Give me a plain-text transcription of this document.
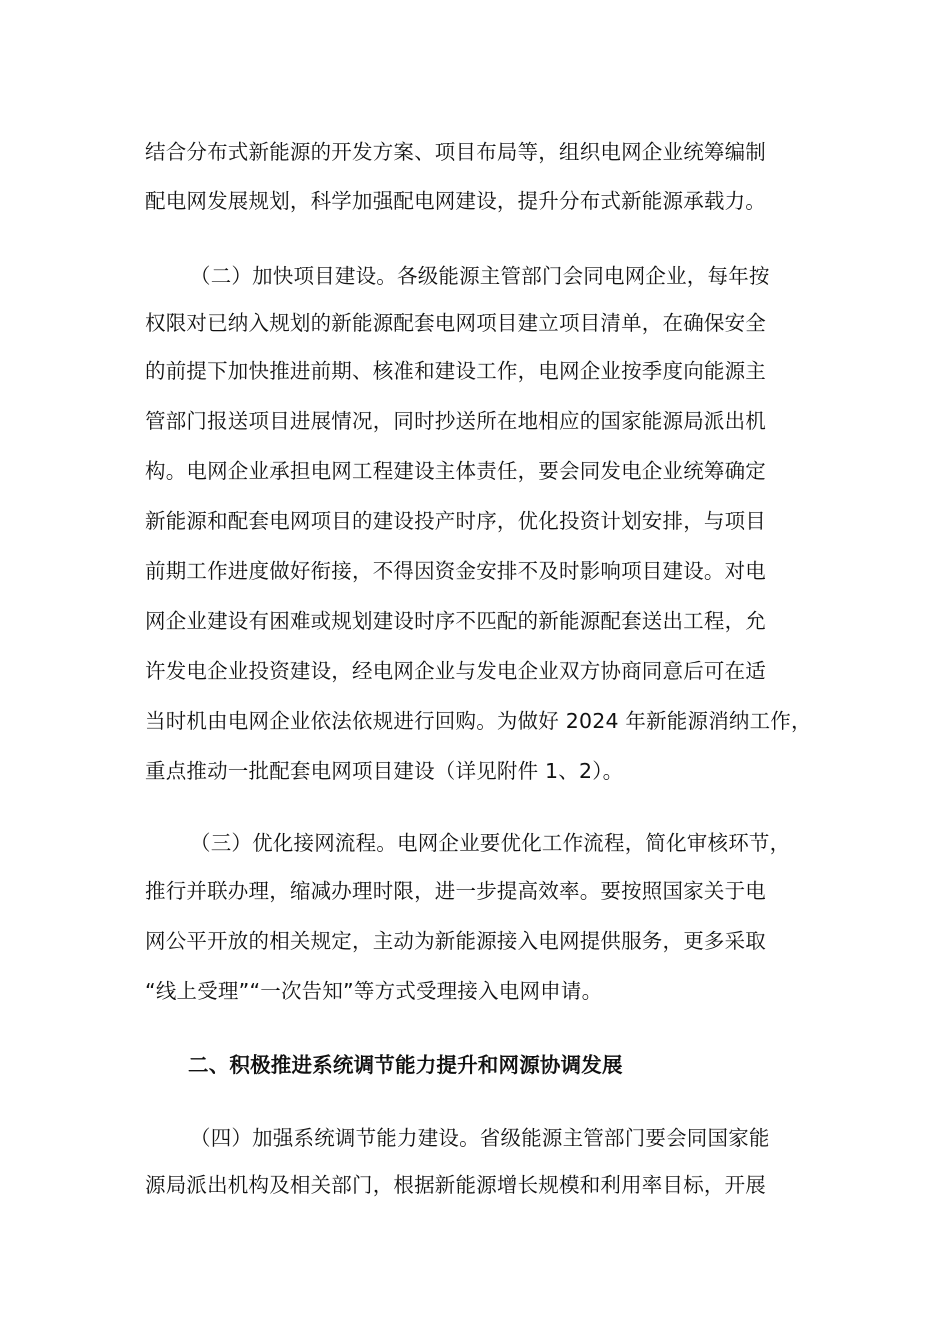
结合分布式新能源的开发方案、项目布局等，组织电网企业统筹编制
配电网发展规划，科学加强配电网建设，提升分布式新能源承载力。
（二）加快项目建设。各级能源主管部门会同电网企业，每年按
权限对已纳入规划的新能源配套电网项目建立项目清单，在确保安全
的前提下加快推进前期、核准和建设工作，电网企业按季度向能源主
管部门报送项目进展情况，同时抄送所在地相应的国家能源局派出机
构。电网企业承担电网工程建设主体责任，要会同发电企业统筹确定
新能源和配套电网项目的建设投产时序，优化投资计划安排，与项目
前期工作进度做好衔接，不得因资金安排不及时影响项目建设。对电
网企业建设有困难或规划建设时序不匹配的新能源配套送出工程，允
许发电企业投资建设，经电网企业与发电企业双方协商同意后可在适
当时机由电网企业依法依规进行回购。为做好 2024 年新能源消纳工作，
重点推动一批配套电网项目建设（详见附件 1、2）。
（三）优化接网流程。电网企业要优化工作流程，简化审核环节，
推行并联办理，缩减办理时限，进一步提高效率。要按照国家关于电
网公平开放的相关规定，主动为新能源接入电网提供服务，更多采取
“线上受理”“一次告知”等方式受理接入电网申请。
二、积极推进系统调节能力提升和网源协调发展
（四）加强系统调节能力建设。省级能源主管部门要会同国家能
源局派出机构及相关部门，根据新能源增长规模和利用率目标，开展
